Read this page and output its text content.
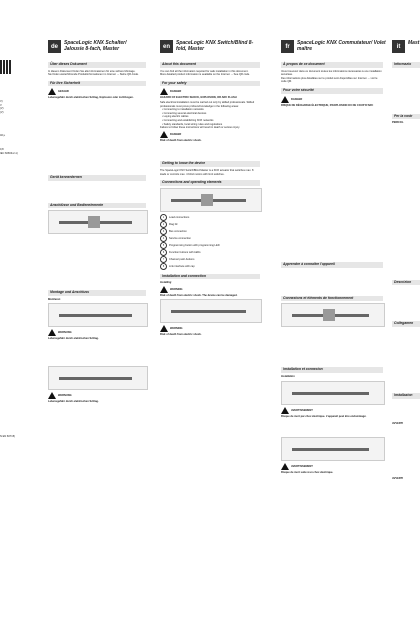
V)
V
(V)
(V)
40 µ
0,8
IEC 60669-2-1)
N EN 60715)
de
SpaceLogic KNX Schalter/ Jalousie 8-fach, Master
Über dieses Dokument
In diesem Dokument finden Sie alle Informationen für eine sichere Montage.
Sie finden weiterführende Produktinformationen im Internet → Siehe QR-Code.
Für Ihre Sicherheit
GEFAHR
Lebensgefahr durch elektrischen Schlag, Explosion oder Lichtbogen.
Gerät kennenlernen
Anschlüsse und Bedienelemente
Montage und Anschluss
Montieren
WARNUNG
Lebensgefahr durch elektrischen Schlag.
WARNUNG
Lebensgefahr durch elektrischen Schlag.
en
SpaceLogic KNX Switch/Blind 8-fold, Master
About this document
You can find all the information required for safe installation in this document.
More detailed product information is available on the Internet → See QR code.
For your safety
DANGER
HAZARD OF ELECTRIC SHOCK, EXPLOSION, OR ARC FLASH
Safe electrical installation must be carried out only by skilled professionals. Skilled professionals must prove profound knowledge in the following areas:
• Connecting to installation networks
• Connecting several electrical devices
• Laying electric cables
• Connecting and establishing KNX networks
• Safety standards, local wiring rules and regulations
Failure to follow these instructions will result in death or serious injury.
DANGER
Risk of death from electric shock.
Getting to know the device
The SpaceLogic KNX Switch/Blind Master is a KNX actuator that switches max. 8 loads or controls max. 4 blind motors with limit switches.
Connections and operating elements
1 Load connections
2 Flag lid
3 Bus connection
4 Service connection
5 Programming button with programming LED
6 Function buttons with LEDs
7 Channel push-buttons
8 Link interface with cap
Installation and connection
Installing
WARNING
Risk of death from electric shock. The device can be damaged.
WARNING
Risk of death from electric shock.
fr
SpaceLogic KNX Commutateur/ Volet maître
À propos de ce document
Vous trouverez dans ce document toutes les informations nécessaires à une installation sécurisée.
Des informations plus détaillées sur le produit sont disponibles sur Internet → voir le code QR.
Pour votre sécurité
DANGER
RISQUE DE DÉCHARGE ÉLECTRIQUE, D'EXPLOSION OU DE COUP D'ARC
Apprendre à connaître l'appareil
Connexions et éléments de fonctionnement
Installation et connexion
Installation
AVERTISSEMENT
Risque de mort par choc électrique. L'appareil peut être endommagé.
AVERTISSEMENT
Risque de mort suite à un choc électrique.
it
Mast
Informazio
Per la vostr
PERICOL
Descrizion
Collegamen
Installazion
AVVERTI
AVVERTI
